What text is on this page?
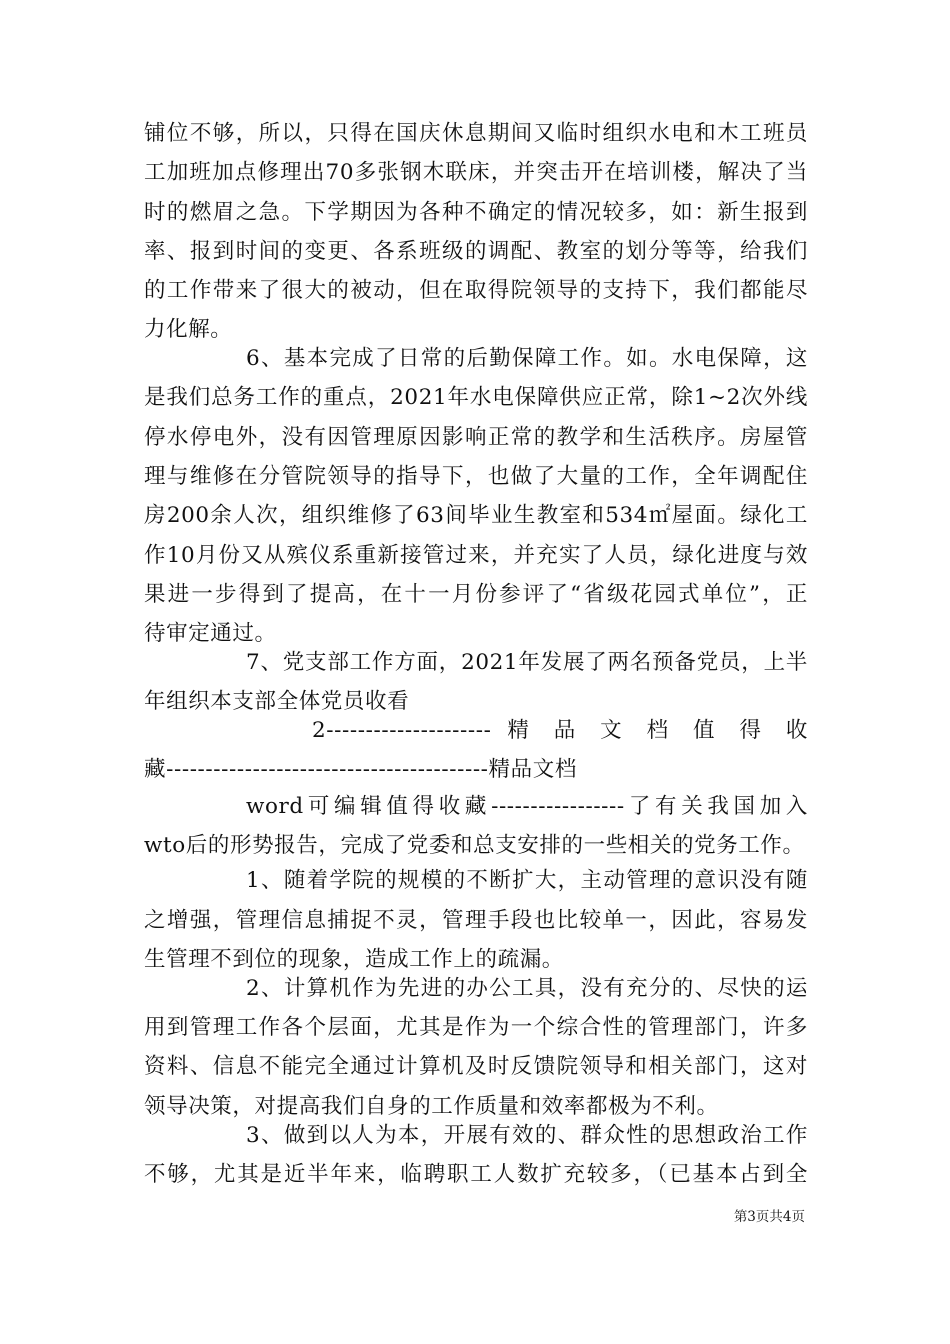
铺位不够，所以，只得在国庆休息期间又临时组织水电和木工班员
工加班加点修理出70多张钢木联床，并突击开在培训楼，解决了当
时的燃眉之急。下学期因为各种不确定的情况较多，如：新生报到
率、报到时间的变更、各系班级的调配、教室的划分等等，给我们
的工作带来了很大的被动，但在取得院领导的支持下，我们都能尽
力化解。
6、基本完成了日常的后勤保障工作。如。水电保障，这
是我们总务工作的重点，2021年水电保障供应正常，除1~2次外线
停水停电外，没有因管理原因影响正常的教学和生活秩序。房屋管
理与维修在分管院领导的指导下，也做了大量的工作，全年调配住
房200余人次，组织维修了63间毕业生教室和534㎡屋面。绿化工
作10月份又从殡仪系重新接管过来，并充实了人员，绿化进度与效
果进一步得到了提高，在十一月份参评了“省级花园式单位”，正
待审定通过。
7、党支部工作方面，2021年发展了两名预备党员，上半
年组织本支部全体党员收看
2--------------------- 精 品 文 档 值 得 收
藏-----------------------------------------精品文档
word可编辑值得收藏-----------------了有关我国加入
wto后的形势报告，完成了党委和总支安排的一些相关的党务工作。
1、随着学院的规模的不断扩大，主动管理的意识没有随
之增强，管理信息捕捉不灵，管理手段也比较单一，因此，容易发
生管理不到位的现象，造成工作上的疏漏。
2、计算机作为先进的办公工具，没有充分的、尽快的运
用到管理工作各个层面，尤其是作为一个综合性的管理部门，许多
资料、信息不能完全通过计算机及时反馈院领导和相关部门，这对
领导决策，对提高我们自身的工作质量和效率都极为不利。
3、做到以人为本，开展有效的、群众性的思想政治工作
不够，尤其是近半年来，临聘职工人数扩充较多，（已基本占到全
第3页共4页
